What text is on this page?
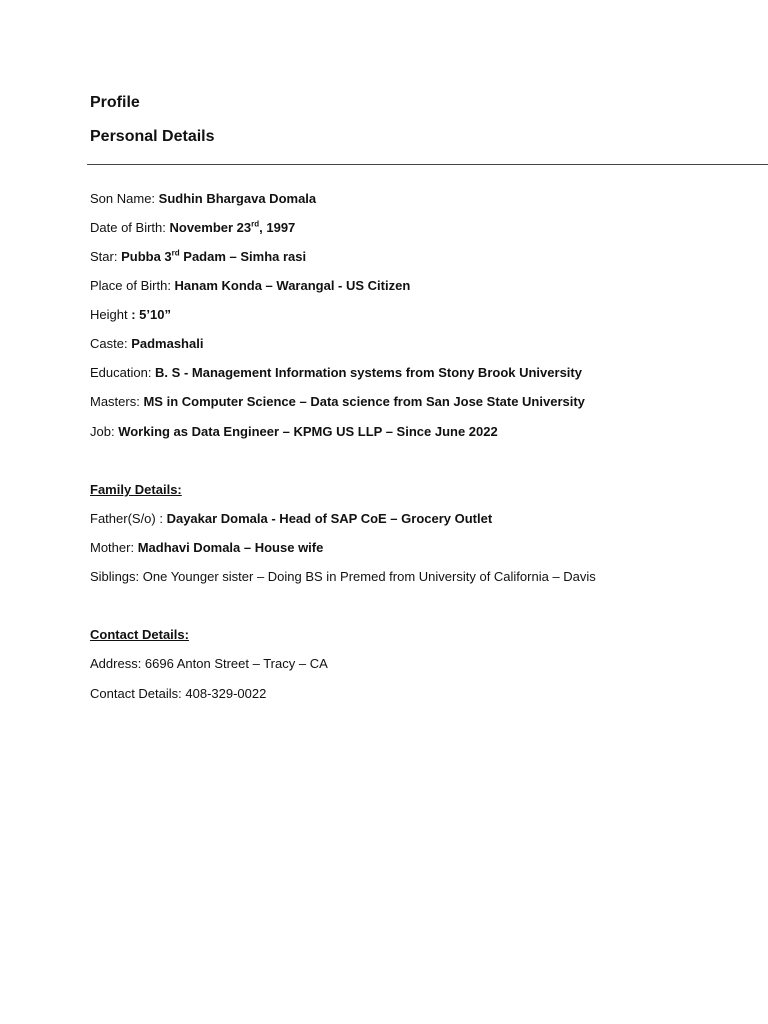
Profile
Personal Details
Son Name: Sudhin Bhargava Domala
Date of Birth: November 23rd, 1997
Star: Pubba 3rd Padam – Simha rasi
Place of Birth: Hanam Konda – Warangal - US Citizen
Height : 5’10”
Caste: Padmashali
Education: B. S - Management Information systems from Stony Brook University
Masters: MS in Computer Science – Data science from San Jose State University
Job: Working as Data Engineer – KPMG US LLP – Since June 2022
Family Details:
Father(S/o) : Dayakar Domala - Head of SAP CoE – Grocery Outlet
Mother: Madhavi Domala – House wife
Siblings: One Younger sister – Doing BS in Premed from University of California – Davis
Contact Details:
Address: 6696 Anton Street – Tracy – CA
Contact Details: 408-329-0022
